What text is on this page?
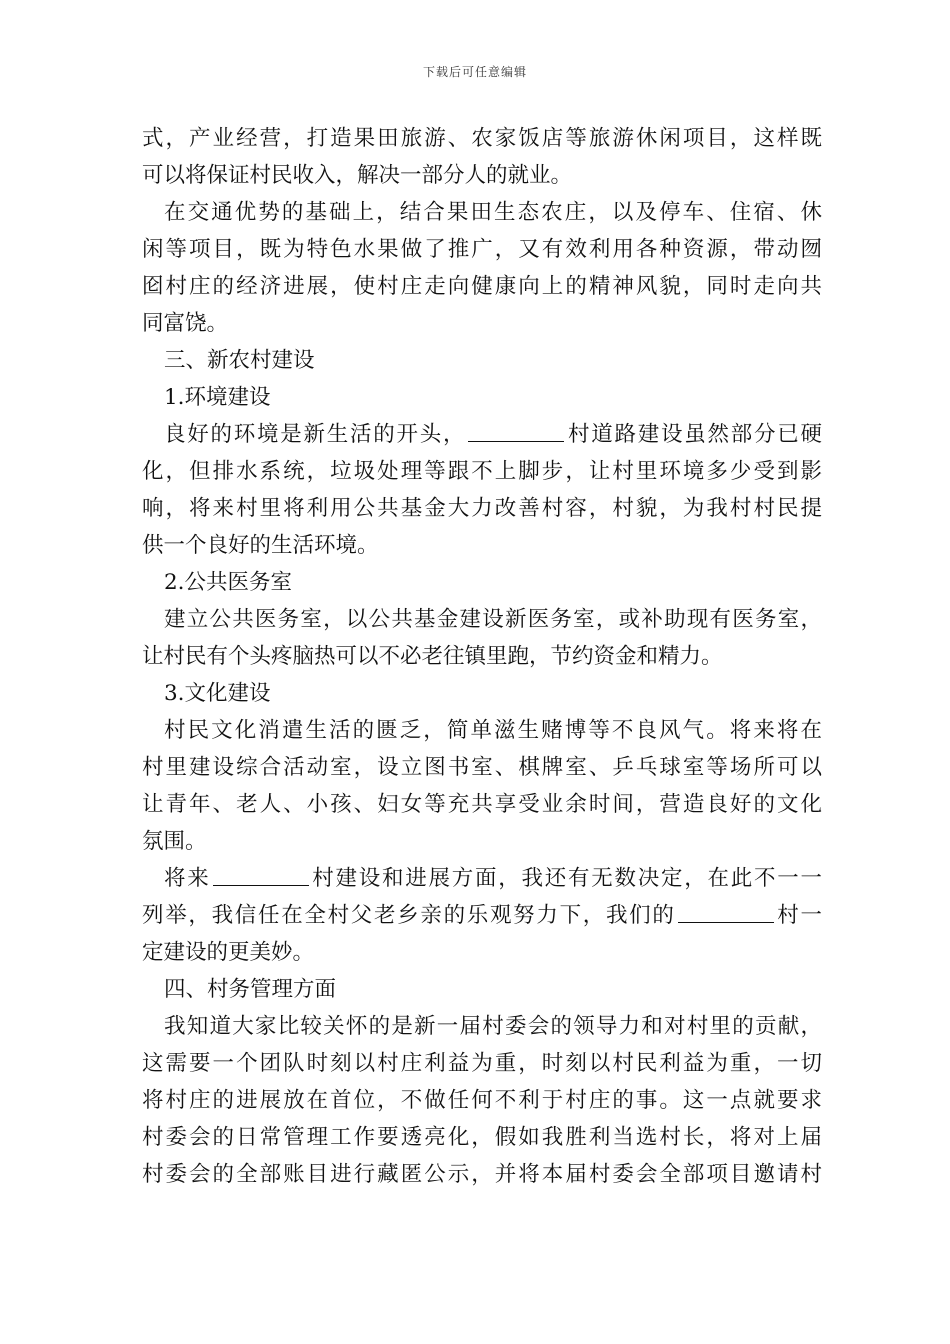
下载后可任意编辑
式，产业经营，打造果田旅游、农家饭店等旅游休闲项目，这样既
可以将保证村民收入，解决一部分人的就业。
在交通优势的基础上，结合果田生态农庄，以及停车、住宿、休
闲等项目，既为特色水果做了推广，又有效利用各种资源，带动囫
囵村庄的经济进展，使村庄走向健康向上的精神风貌，同时走向共
同富饶。
三、新农村建设
1.环境建设
良好的环境是新生活的开头，	村道路建设虽然部分已硬
化，但排水系统，垃圾处理等跟不上脚步，让村里环境多少受到影
响，将来村里将利用公共基金大力改善村容，村貌，为我村村民提
供一个良好的生活环境。
2.公共医务室
建立公共医务室，以公共基金建设新医务室，或补助现有医务室，
让村民有个头疼脑热可以不必老往镇里跑，节约资金和精力。
3.文化建设
村民文化消遣生活的匮乏，简单滋生赌博等不良风气。将来将在
村里建设综合活动室，设立图书室、棋牌室、乒乓球室等场所可以
让青年、老人、小孩、妇女等充共享受业余时间，营造良好的文化
氛围。
将来	村建设和进展方面，我还有无数决定，在此不一一
列举，我信任在全村父老乡亲的乐观努力下，我们的	村一
定建设的更美妙。
四、村务管理方面
我知道大家比较关怀的是新一届村委会的领导力和对村里的贡献，
这需要一个团队时刻以村庄利益为重，时刻以村民利益为重，一切
将村庄的进展放在首位，不做任何不利于村庄的事。这一点就要求
村委会的日常管理工作要透亮化，假如我胜利当选村长，将对上届
村委会的全部账目进行藏匿公示，并将本届村委会全部项目邀请村
